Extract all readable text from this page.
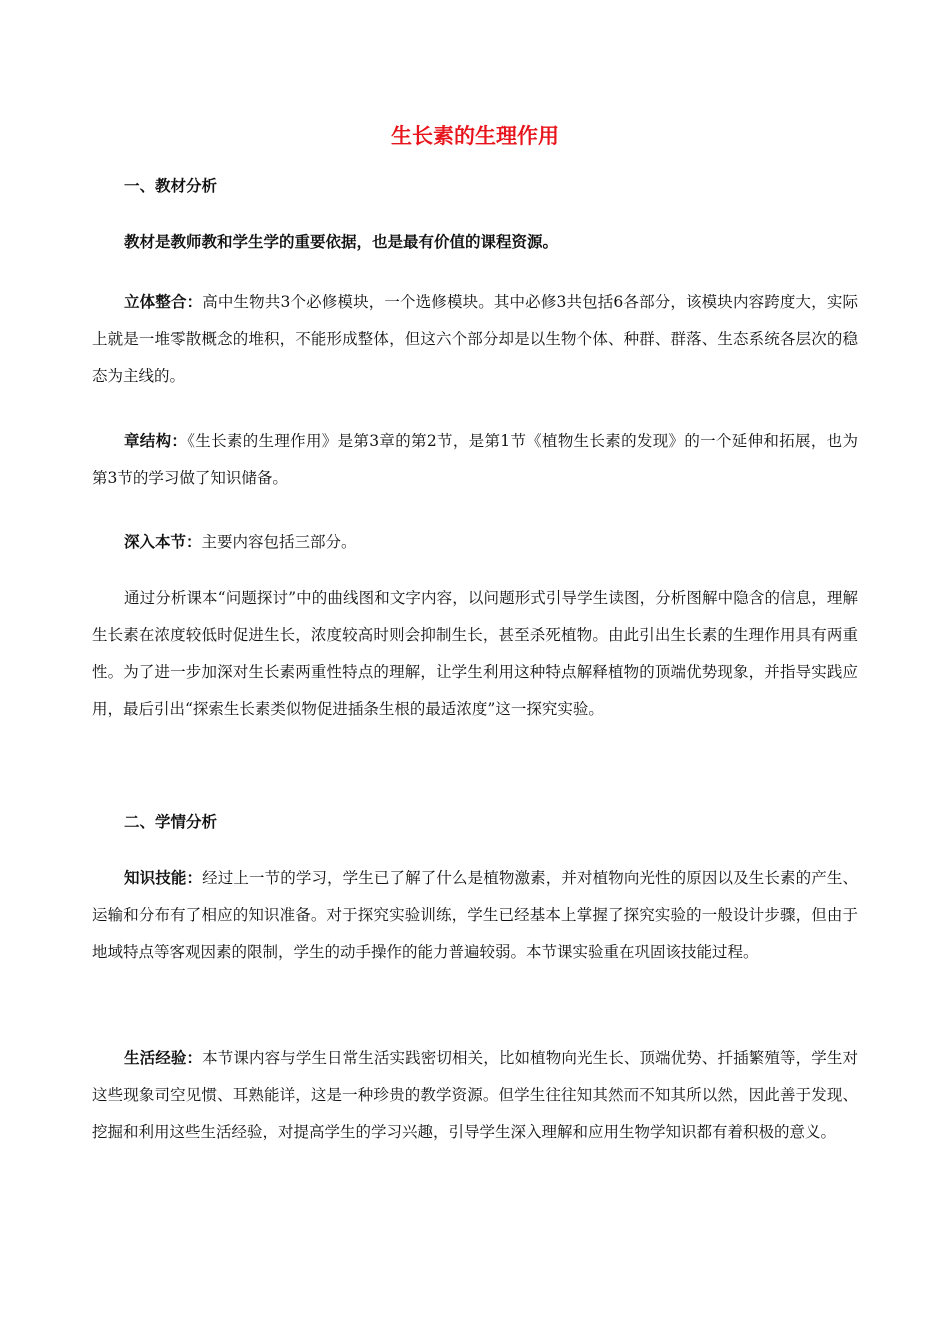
生长素的生理作用
一、教材分析
教材是教师教和学生学的重要依据，也是最有价值的课程资源。
立体整合：高中生物共3个必修模块，一个选修模块。其中必修3共包括6各部分，该模块内容跨度大，实际上就是一堆零散概念的堆积，不能形成整体，但这六个部分却是以生物个体、种群、群落、生态系统各层次的稳态为主线的。
章结构：《生长素的生理作用》是第3章的第2节，是第1节《植物生长素的发现》的一个延伸和拓展，也为第3节的学习做了知识储备。
深入本节：主要内容包括三部分。
通过分析课本“问题探讨”中的曲线图和文字内容，以问题形式引导学生读图，分析图解中隐含的信息，理解生长素在浓度较低时促进生长，浓度较高时则会抑制生长，甚至杀死植物。由此引出生长素的生理作用具有两重性。为了进一步加深对生长素两重性特点的理解，让学生利用这种特点解释植物的顶端优势现象，并指导实践应用，最后引出“探索生长素类似物促进插条生根的最适浓度”这一探究实验。
二、学情分析
知识技能：经过上一节的学习，学生已了解了什么是植物激素，并对植物向光性的原因以及生长素的产生、运输和分布有了相应的知识准备。对于探究实验训练，学生已经基本上掌握了探究实验的一般设计步骤，但由于地域特点等客观因素的限制，学生的动手操作的能力普遍较弱。本节课实验重在巩固该技能过程。
生活经验：本节课内容与学生日常生活实践密切相关，比如植物向光生长、顶端优势、扦插繁殖等，学生对这些现象司空见惯、耳熟能详，这是一种珍贵的教学资源。但学生往往知其然而不知其所以然，因此善于发现、挖掘和利用这些生活经验，对提高学生的学习兴趣，引导学生深入理解和应用生物学知识都有着积极的意义。
